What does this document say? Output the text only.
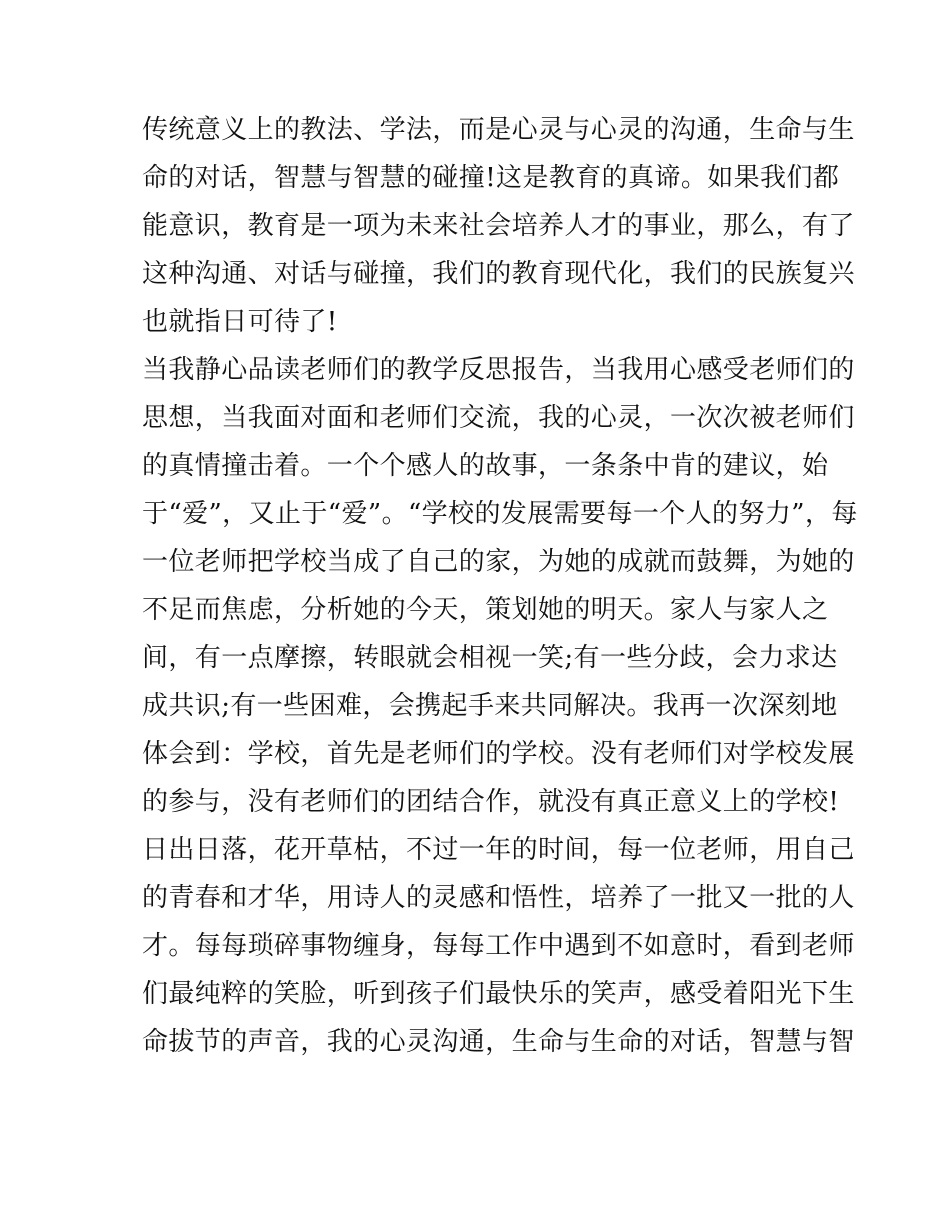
传统意义上的教法、学法，而是心灵与心灵的沟通，生命与生
命的对话，智慧与智慧的碰撞!这是教育的真谛。如果我们都
能意识，教育是一项为未来社会培养人才的事业，那么，有了
这种沟通、对话与碰撞，我们的教育现代化，我们的民族复兴
也就指日可待了!
当我静心品读老师们的教学反思报告，当我用心感受老师们的
思想，当我面对面和老师们交流，我的心灵，一次次被老师们
的真情撞击着。一个个感人的故事，一条条中肯的建议，始
于“爱”，又止于“爱”。“学校的发展需要每一个人的努力”，每
一位老师把学校当成了自己的家，为她的成就而鼓舞，为她的
不足而焦虑，分析她的今天，策划她的明天。家人与家人之
间，有一点摩擦，转眼就会相视一笑;有一些分歧，会力求达
成共识;有一些困难，会携起手来共同解决。我再一次深刻地
体会到：学校，首先是老师们的学校。没有老师们对学校发展
的参与，没有老师们的团结合作，就没有真正意义上的学校!
日出日落，花开草枯，不过一年的时间，每一位老师，用自己
的青春和才华，用诗人的灵感和悟性，培养了一批又一批的人
才。每每琐碎事物缠身，每每工作中遇到不如意时，看到老师
们最纯粹的笑脸，听到孩子们最快乐的笑声，感受着阳光下生
命拔节的声音，我的心灵沟通，生命与生命的对话，智慧与智
